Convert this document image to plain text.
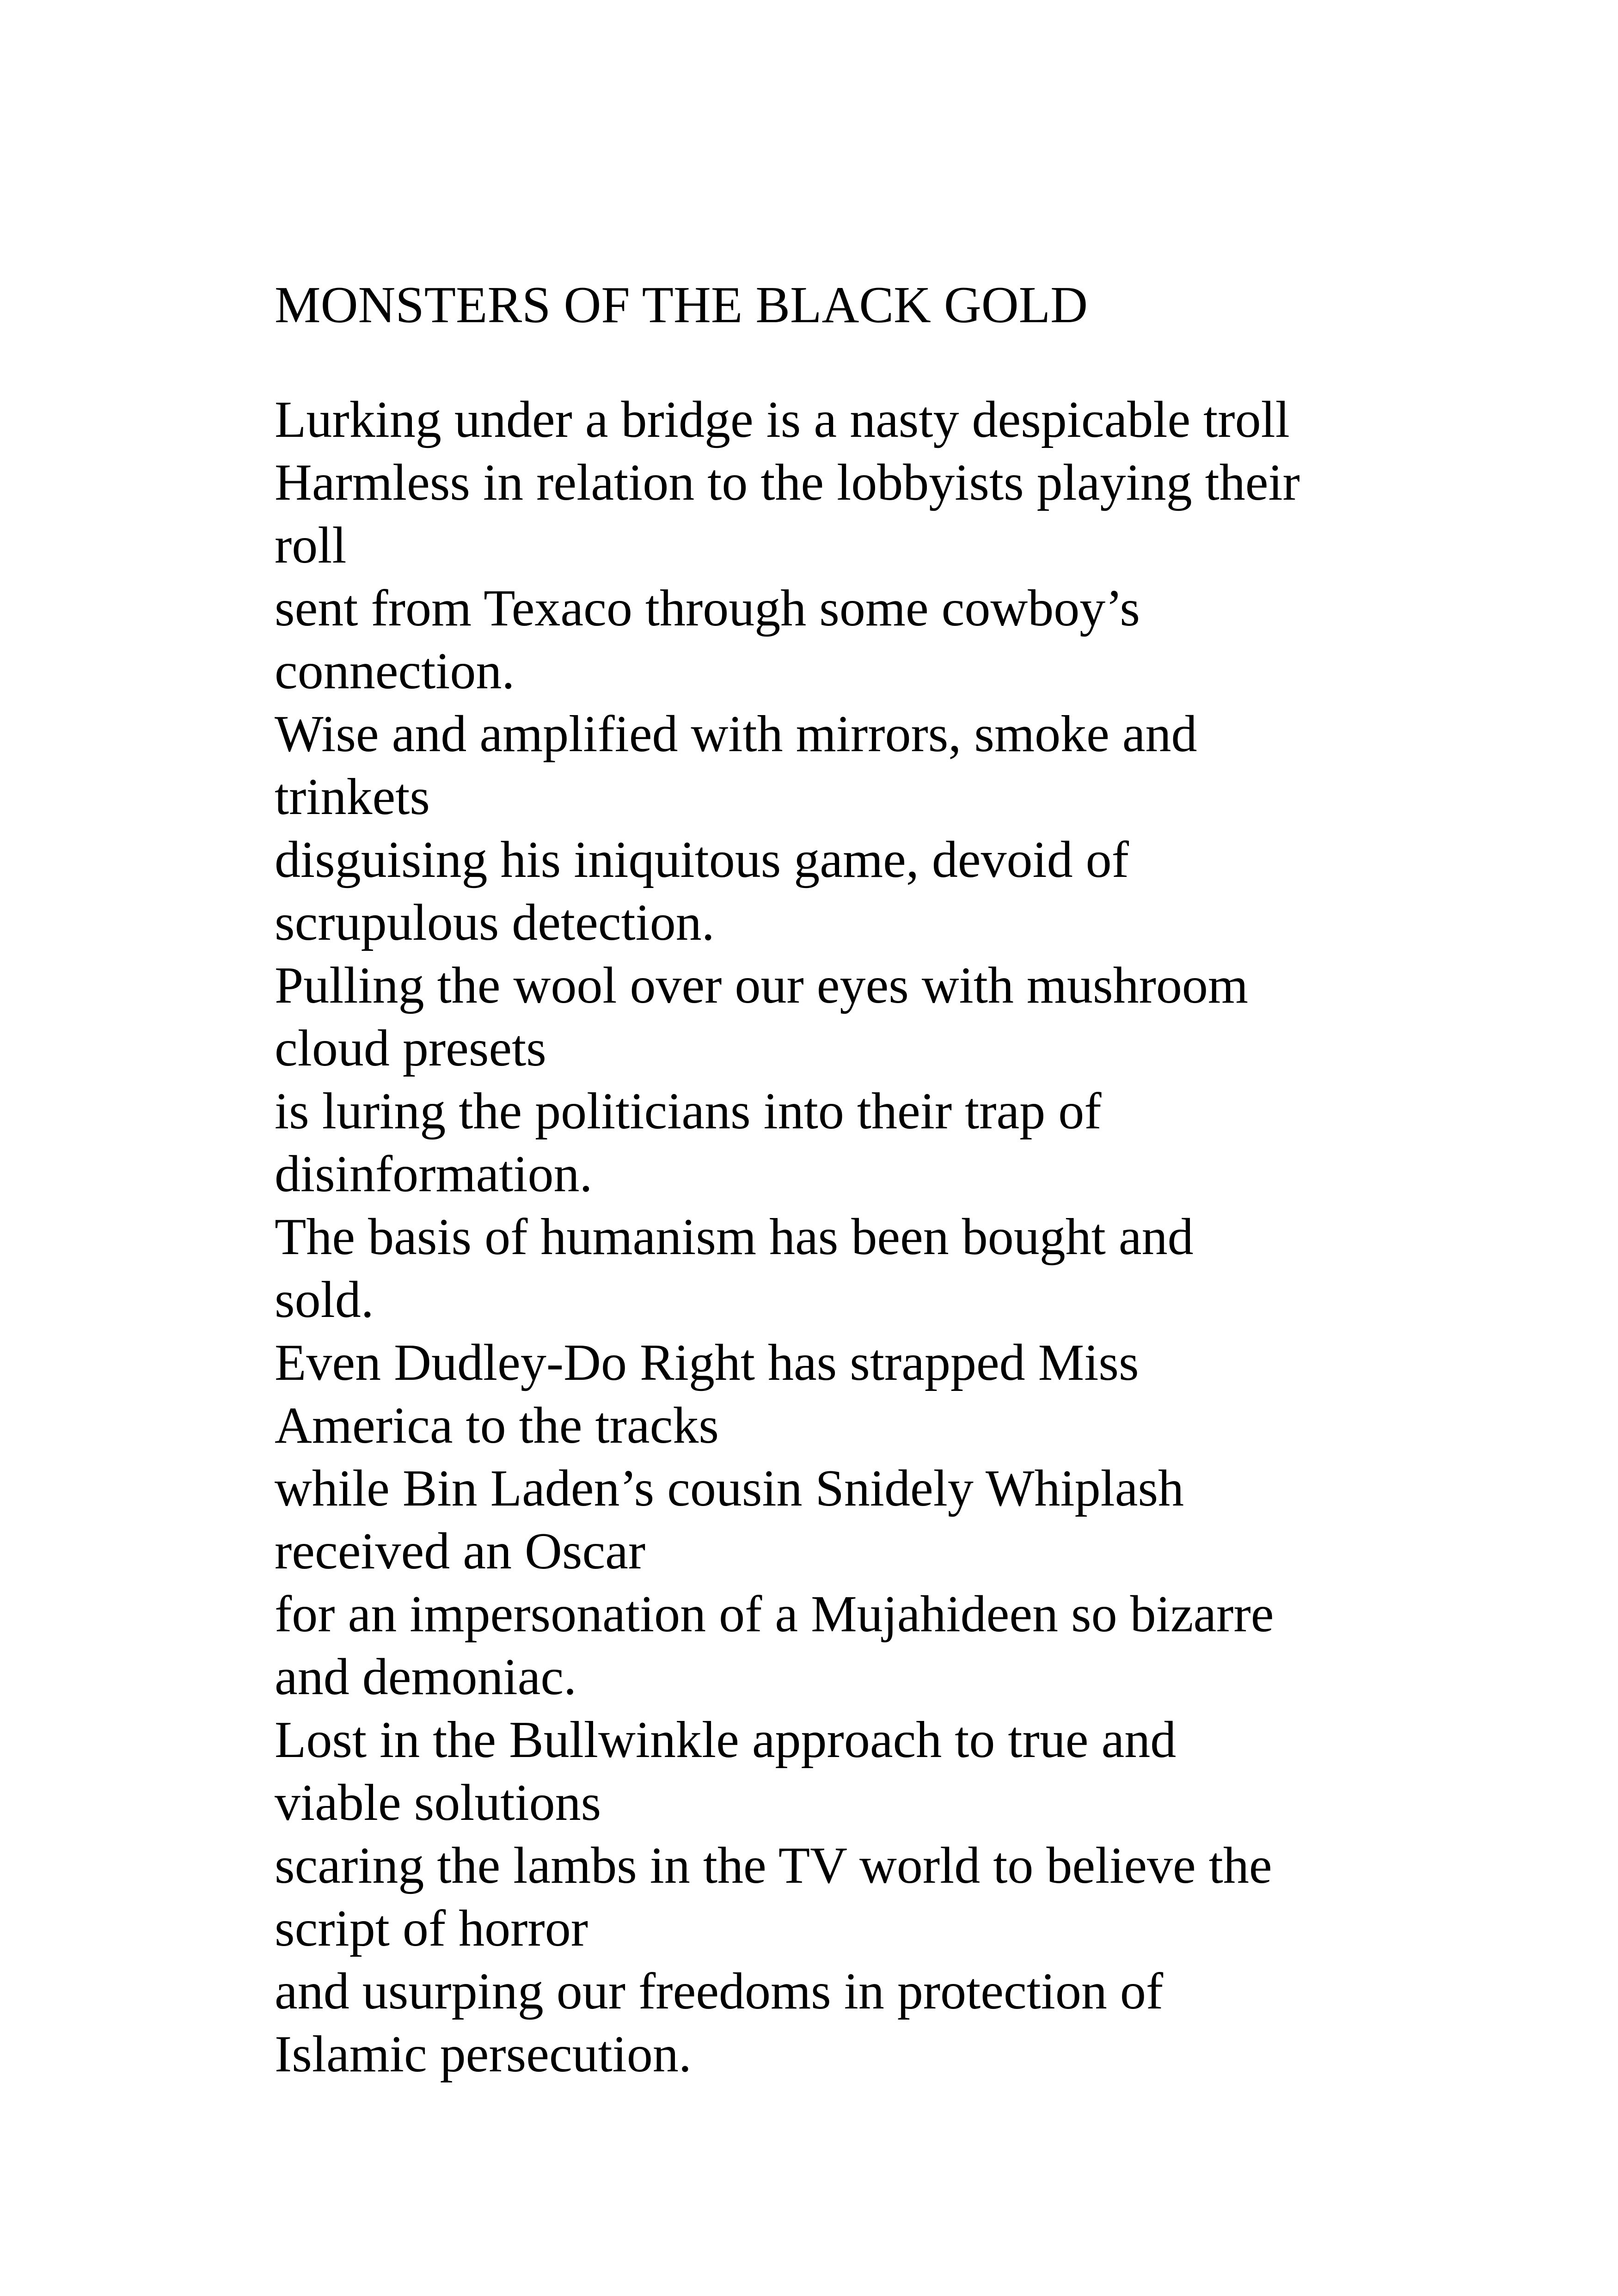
MONSTERS OF THE BLACK GOLD
Lurking under a bridge is a nasty despicable troll
Harmless in relation to the lobbyists playing their
roll
sent from Texaco through some cowboy’s
connection.
Wise and amplified with mirrors, smoke and
trinkets
disguising his iniquitous game, devoid of
scrupulous detection.
Pulling the wool over our eyes with mushroom
cloud presets
is luring the politicians into their trap of
disinformation.
The basis of humanism has been bought and
sold.
Even Dudley-Do Right has strapped Miss
America to the tracks
while Bin Laden’s cousin Snidely Whiplash
received an Oscar
for an impersonation of a Mujahideen so bizarre
and demoniac.
Lost in the Bullwinkle approach to true and
viable solutions
scaring the lambs in the TV world to believe the
script of horror
and usurping our freedoms in protection of
Islamic persecution.
